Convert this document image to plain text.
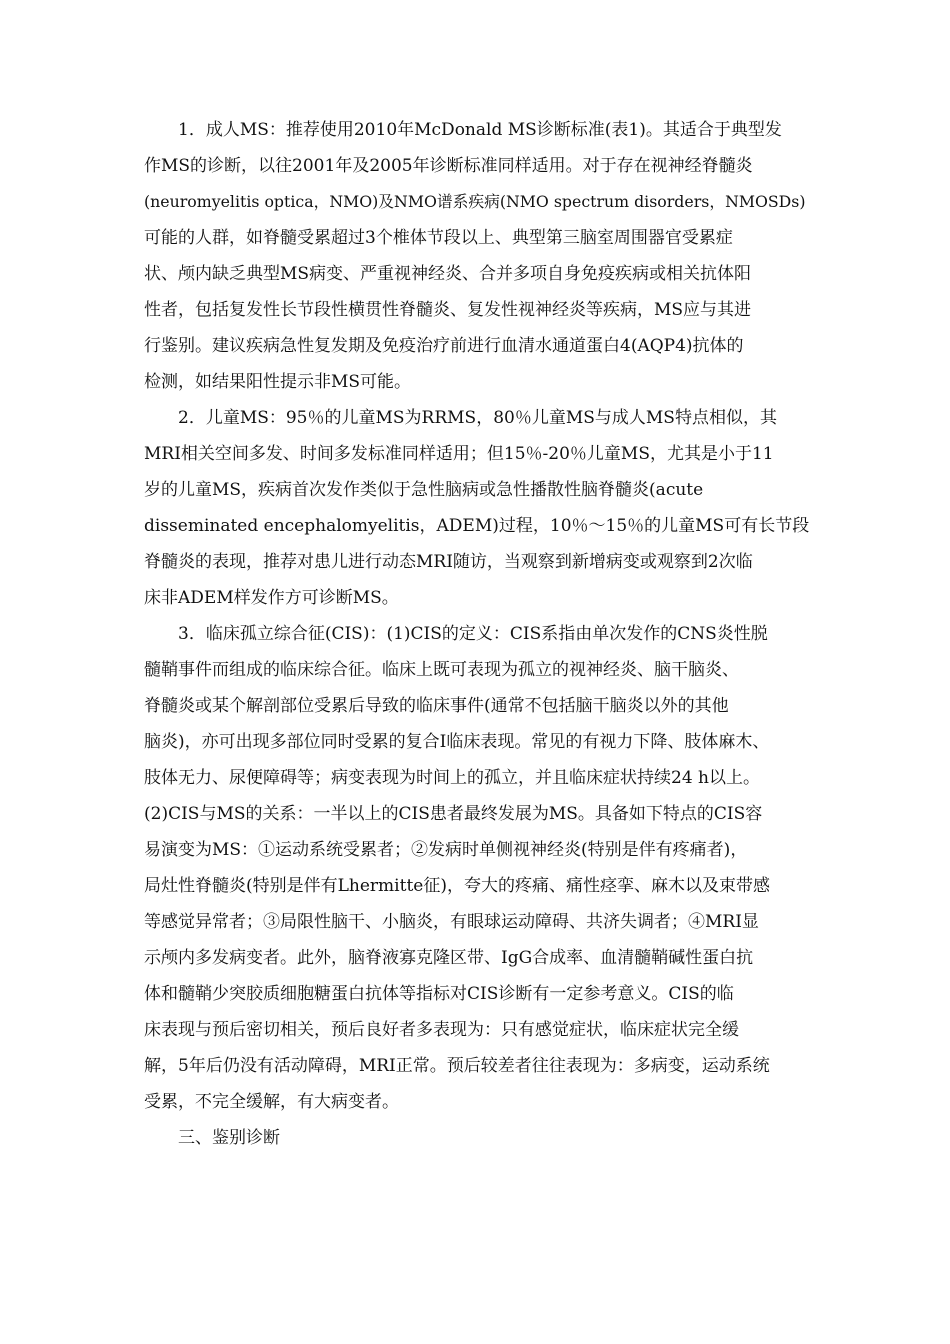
　　1．成人MS：推荐使用2010年McDonald MS诊断标准(表1)。其适合于典型发
作MS的诊断，以往2001年及2005年诊断标准同样适用。对于存在视神经脊髓炎
(neuromyelitis optica，NMO)及NMO谱系疾病(NMO spectrum disorders，NMOSDs)
可能的人群，如脊髓受累超过3个椎体节段以上、典型第三脑室周围器官受累症
状、颅内缺乏典型MS病变、严重视神经炎、合并多项自身免疫疾病或相关抗体阳
性者，包括复发性长节段性横贯性脊髓炎、复发性视神经炎等疾病，MS应与其进
行鉴别。建议疾病急性复发期及免疫治疗前进行血清水通道蛋白4(AQP4)抗体的
检测，如结果阳性提示非MS可能。
　　2．儿童MS：95％的儿童MS为RRMS，80％儿童MS与成人MS特点相似，其
MRI相关空间多发、时间多发标准同样适用；但15％-20％儿童MS，尤其是小于11
岁的儿童MS，疾病首次发作类似于急性脑病或急性播散性脑脊髓炎(acute
disseminated encephalomyelitis，ADEM)过程，10％～15％的儿童MS可有长节段
脊髓炎的表现，推荐对患儿进行动态MRI随访，当观察到新增病变或观察到2次临
床非ADEM样发作方可诊断MS。
　　3．临床孤立综合征(CIS)：(1)CIS的定义：CIS系指由单次发作的CNS炎性脱
髓鞘事件而组成的临床综合征。临床上既可表现为孤立的视神经炎、脑干脑炎、
脊髓炎或某个解剖部位受累后导致的临床事件(通常不包括脑干脑炎以外的其他
脑炎)，亦可出现多部位同时受累的复合I临床表现。常见的有视力下降、肢体麻木、
肢体无力、尿便障碍等；病变表现为时间上的孤立，并且临床症状持续24 h以上。
(2)CIS与MS的关系：一半以上的CIS患者最终发展为MS。具备如下特点的CIS容
易演变为MS：①运动系统受累者；②发病时单侧视神经炎(特别是伴有疼痛者)，
局灶性脊髓炎(特别是伴有Lhermitte征)，夸大的疼痛、痛性痉挛、麻木以及束带感
等感觉异常者；③局限性脑干、小脑炎，有眼球运动障碍、共济失调者；④MRI显
示颅内多发病变者。此外，脑脊液寡克隆区带、IgG合成率、血清髓鞘碱性蛋白抗
体和髓鞘少突胶质细胞糖蛋白抗体等指标对CIS诊断有一定参考意义。CIS的临
床表现与预后密切相关，预后良好者多表现为：只有感觉症状，临床症状完全缓
解，5年后仍没有活动障碍，MRI正常。预后较差者往往表现为：多病变，运动系统
受累，不完全缓解，有大病变者。
　　三、鉴别诊断
